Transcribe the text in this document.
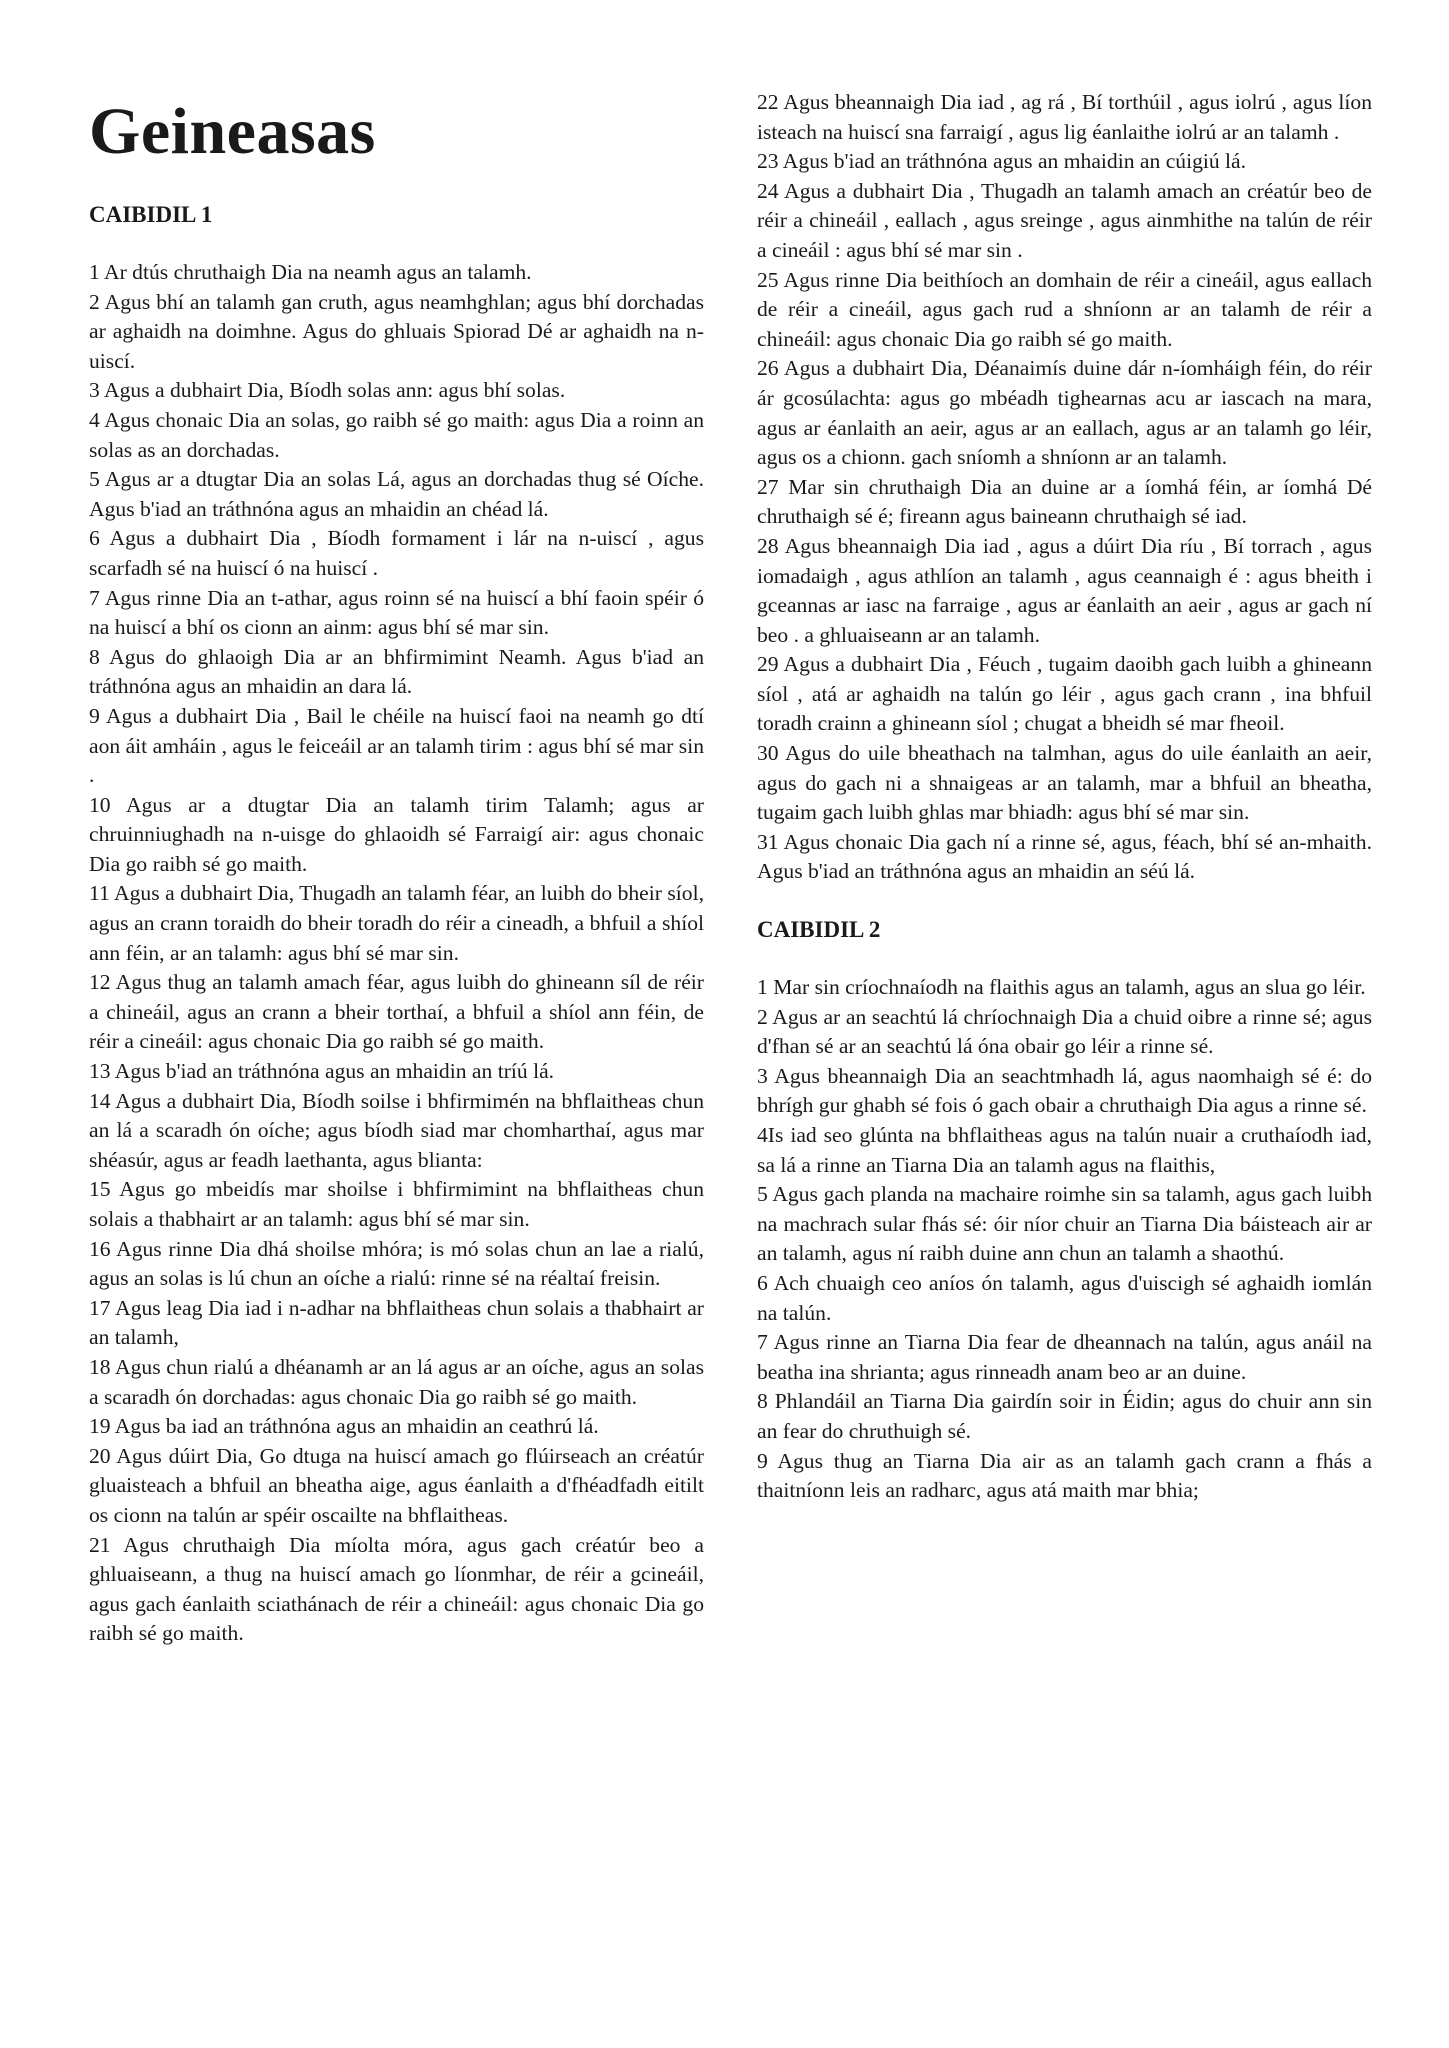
Geineasas
CAIBIDIL 1

1 Ar dtús chruthaigh Dia na neamh agus an talamh.

2 Agus bhí an talamh gan cruth, agus neamhghlan; agus bhí dorchadas ar aghaidh na doimhne. Agus do ghluais Spiorad Dé ar aghaidh na n-uiscí.

3 Agus a dubhairt Dia, Bíodh solas ann: agus bhí solas.

4 Agus chonaic Dia an solas, go raibh sé go maith: agus Dia a roinn an solas as an dorchadas.

5 Agus ar a dtugtar Dia an solas Lá, agus an dorchadas thug sé Oíche. Agus b'iad an tráthnóna agus an mhaidin an chéad lá.

6 Agus a dubhairt Dia , Bíodh formament i lár na n-uiscí , agus scarfadh sé na huiscí ó na huiscí .

7 Agus rinne Dia an t-athar, agus roinn sé na huiscí a bhí faoin spéir ó na huiscí a bhí os cionn an ainm: agus bhí sé mar sin.

8 Agus do ghlaoigh Dia ar an bhfirmimint Neamh. Agus b'iad an tráthnóna agus an mhaidin an dara lá.

9 Agus a dubhairt Dia , Bail le chéile na huiscí faoi na neamh go dtí aon áit amháin , agus le feiceáil ar an talamh tirim : agus bhí sé mar sin .

10 Agus ar a dtugtar Dia an talamh tirim Talamh; agus ar chruinniughadh na n-uisge do ghlaoidh sé Farraigí air: agus chonaic Dia go raibh sé go maith.

11 Agus a dubhairt Dia, Thugadh an talamh féar, an luibh do bheir síol, agus an crann toraidh do bheir toradh do réir a cineadh, a bhfuil a shíol ann féin, ar an talamh: agus bhí sé mar sin.

12 Agus thug an talamh amach féar, agus luibh do ghineann síl de réir a chineáil, agus an crann a bheir torthaí, a bhfuil a shíol ann féin, de réir a cineáil: agus chonaic Dia go raibh sé go maith.

13 Agus b'iad an tráthnóna agus an mhaidin an tríú lá.

14 Agus a dubhairt Dia, Bíodh soilse i bhfirmimén na bhflaitheas chun an lá a scaradh ón oíche; agus bíodh siad mar chomharthaí, agus mar shéasúr, agus ar feadh laethanta, agus blianta:

15 Agus go mbeidís mar shoilse i bhfirmimint na bhflaitheas chun solais a thabhairt ar an talamh: agus bhí sé mar sin.

16 Agus rinne Dia dhá shoilse mhóra; is mó solas chun an lae a rialú, agus an solas is lú chun an oíche a rialú: rinne sé na réaltaí freisin.

17 Agus leag Dia iad i n-adhar na bhflaitheas chun solais a thabhairt ar an talamh,

18 Agus chun rialú a dhéanamh ar an lá agus ar an oíche, agus an solas a scaradh ón dorchadas: agus chonaic Dia go raibh sé go maith.

19 Agus ba iad an tráthnóna agus an mhaidin an ceathrú lá.

20 Agus dúirt Dia, Go dtuga na huiscí amach go flúirseach an créatúr gluaisteach a bhfuil an bheatha aige, agus éanlaith a d'fhéadfadh eitilt os cionn na talún ar spéir oscailte na bhflaitheas.

21 Agus chruthaigh Dia míolta móra, agus gach créatúr beo a ghluaiseann, a thug na huiscí amach go líonmhar, de réir a gcineáil, agus gach éanlaith sciathánach de réir a chineáil: agus chonaic Dia go raibh sé go maith.

22 Agus bheannaigh Dia iad , ag rá , Bí torthúil , agus iolrú , agus líon isteach na huiscí sna farraigí , agus lig éanlaithe iolrú ar an talamh .

23 Agus b'iad an tráthnóna agus an mhaidin an cúigiú lá.

24 Agus a dubhairt Dia , Thugadh an talamh amach an créatúr beo de réir a chineáil , eallach , agus sreinge , agus ainmhithe na talún de réir a cineáil : agus bhí sé mar sin .

25 Agus rinne Dia beithíoch an domhain de réir a cineáil, agus eallach de réir a cineáil, agus gach rud a shníonn ar an talamh de réir a chineáil: agus chonaic Dia go raibh sé go maith.

26 Agus a dubhairt Dia, Déanaimís duine dár n-íomháigh féin, do réir ár gcosúlachta: agus go mbéadh tighearnas acu ar iascach na mara, agus ar éanlaith an aeir, agus ar an eallach, agus ar an talamh go léir, agus os a chionn. gach sníomh a shníonn ar an talamh.

27 Mar sin chruthaigh Dia an duine ar a íomhá féin, ar íomhá Dé chruthaigh sé é; fireann agus baineann chruthaigh sé iad.

28 Agus bheannaigh Dia iad , agus a dúirt Dia ríu , Bí torrach , agus iomadaigh , agus athlíon an talamh , agus ceannaigh é : agus bheith i gceannas ar iasc na farraige , agus ar éanlaith an aeir , agus ar gach ní beo . a ghluaiseann ar an talamh.

29 Agus a dubhairt Dia , Féuch , tugaim daoibh gach luibh a ghineann síol , atá ar aghaidh na talún go léir , agus gach crann , ina bhfuil toradh crainn a ghineann síol ; chugat a bheidh sé mar fheoil.

30 Agus do uile bheathach na talmhan, agus do uile éanlaith an aeir, agus do gach ni a shnaigeas ar an talamh, mar a bhfuil an bheatha, tugaim gach luibh ghlas mar bhiadh: agus bhí sé mar sin.

31 Agus chonaic Dia gach ní a rinne sé, agus, féach, bhí sé an-mhaith. Agus b'iad an tráthnóna agus an mhaidin an séú lá.

CAIBIDIL 2

1 Mar sin críochnaíodh na flaithis agus an talamh, agus an slua go léir.

2 Agus ar an seachtú lá chríochnaigh Dia a chuid oibre a rinne sé; agus d'fhan sé ar an seachtú lá óna obair go léir a rinne sé.

3 Agus bheannaigh Dia an seachtmhadh lá, agus naomhaigh sé é: do bhrígh gur ghabh sé fois ó gach obair a chruthaigh Dia agus a rinne sé.

4Is iad seo glúnta na bhflaitheas agus na talún nuair a cruthaíodh iad, sa lá a rinne an Tiarna Dia an talamh agus na flaithis,

5 Agus gach planda na machaire roimhe sin sa talamh, agus gach luibh na machrach sular fhás sé: óir níor chuir an Tiarna Dia báisteach air ar an talamh, agus ní raibh duine ann chun an talamh a shaothú.

6 Ach chuaigh ceo aníos ón talamh, agus d'uiscigh sé aghaidh iomlán na talún.

7 Agus rinne an Tiarna Dia fear de dheannach na talún, agus anáil na beatha ina shrianta; agus rinneadh anam beo ar an duine.

8 Phlandáil an Tiarna Dia gairdín soir in Éidin; agus do chuir ann sin an fear do chruthuigh sé.

9 Agus thug an Tiarna Dia air as an talamh gach crann a fhás a thaitníonn leis an radharc, agus atá maith mar bhia;
